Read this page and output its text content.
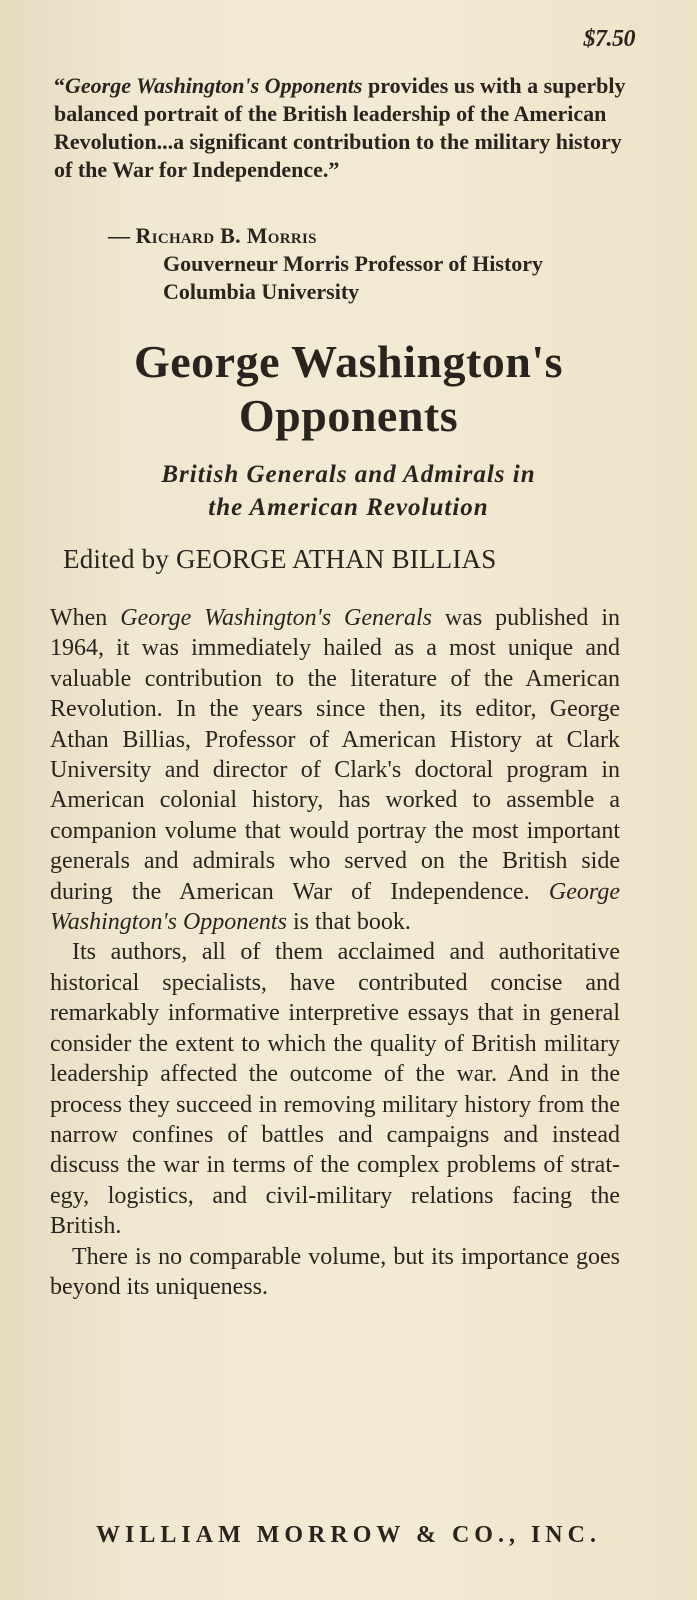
$7.50
“George Washington's Opponents provides us with a superbly balanced portrait of the British leadership of the American Revolution...a significant contribution to the military history of the War for Independence.”
— Richard B. Morris
Gouverneur Morris Professor of History
Columbia University
George Washington's
Opponents
British Generals and Admirals in
the American Revolution
Edited by GEORGE ATHAN BILLIAS

When George Washington's Generals was published in 1964, it was immediately hailed as a most unique and valuable contribution to the literature of the American Revolution. In the years since then, its editor, George Athan Billias, Professor of American History at Clark University and director of Clark's doctoral program in American colonial history, has worked to assemble a companion volume that would portray the most important generals and admirals who served on the British side during the American War of Independence. George Washington's Opponents is that book.

Its authors, all of them acclaimed and authoritative historical specialists, have contributed concise and remarkably informative interpretive essays that in general consider the extent to which the quality of British military leadership affected the outcome of the war. And in the process they succeed in removing military history from the narrow confines of battles and campaigns and instead discuss the war in terms of the complex problems of strategy, logistics, and civil-military relations facing the British.

There is no comparable volume, but its importance goes beyond its uniqueness.

WILLIAM MORROW & CO., INC.
